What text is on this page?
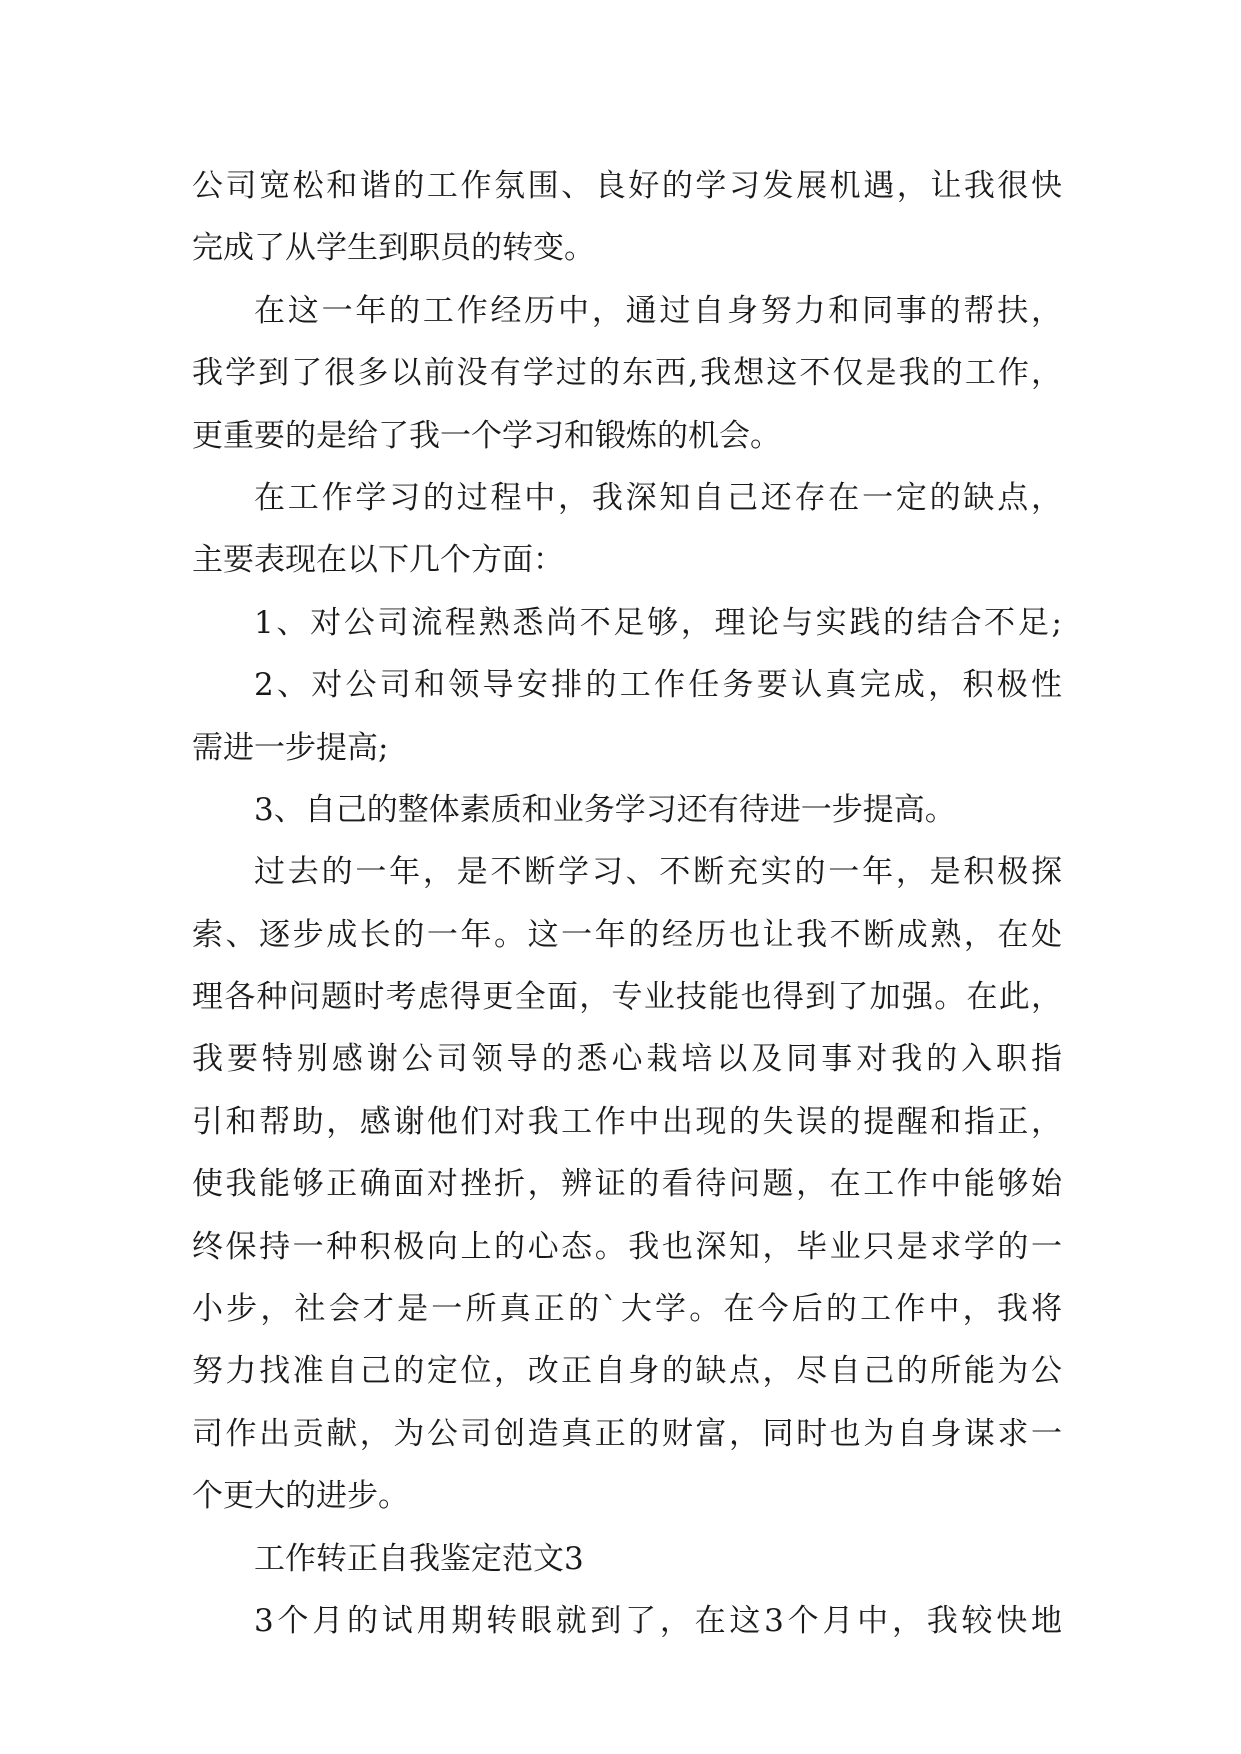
公司宽松和谐的工作氛围、良好的学习发展机遇，让我很快
完成了从学生到职员的转变。
在这一年的工作经历中，通过自身努力和同事的帮扶，
我学到了很多以前没有学过的东西,我想这不仅是我的工作，
更重要的是给了我一个学习和锻炼的机会。
在工作学习的过程中，我深知自己还存在一定的缺点，
主要表现在以下几个方面：
1、对公司流程熟悉尚不足够，理论与实践的结合不足;
2、对公司和领导安排的工作任务要认真完成，积极性
需进一步提高;
3、自己的整体素质和业务学习还有待进一步提高。
过去的一年，是不断学习、不断充实的一年，是积极探
索、逐步成长的一年。这一年的经历也让我不断成熟，在处
理各种问题时考虑得更全面，专业技能也得到了加强。在此，
我要特别感谢公司领导的悉心栽培以及同事对我的入职指
引和帮助，感谢他们对我工作中出现的失误的提醒和指正，
使我能够正确面对挫折，辨证的看待问题，在工作中能够始
终保持一种积极向上的心态。我也深知，毕业只是求学的一
小步，社会才是一所真正的`大学。在今后的工作中，我将
努力找准自己的定位，改正自身的缺点，尽自己的所能为公
司作出贡献，为公司创造真正的财富，同时也为自身谋求一
个更大的进步。
工作转正自我鉴定范文3
3个月的试用期转眼就到了，在这3个月中，我较快地
